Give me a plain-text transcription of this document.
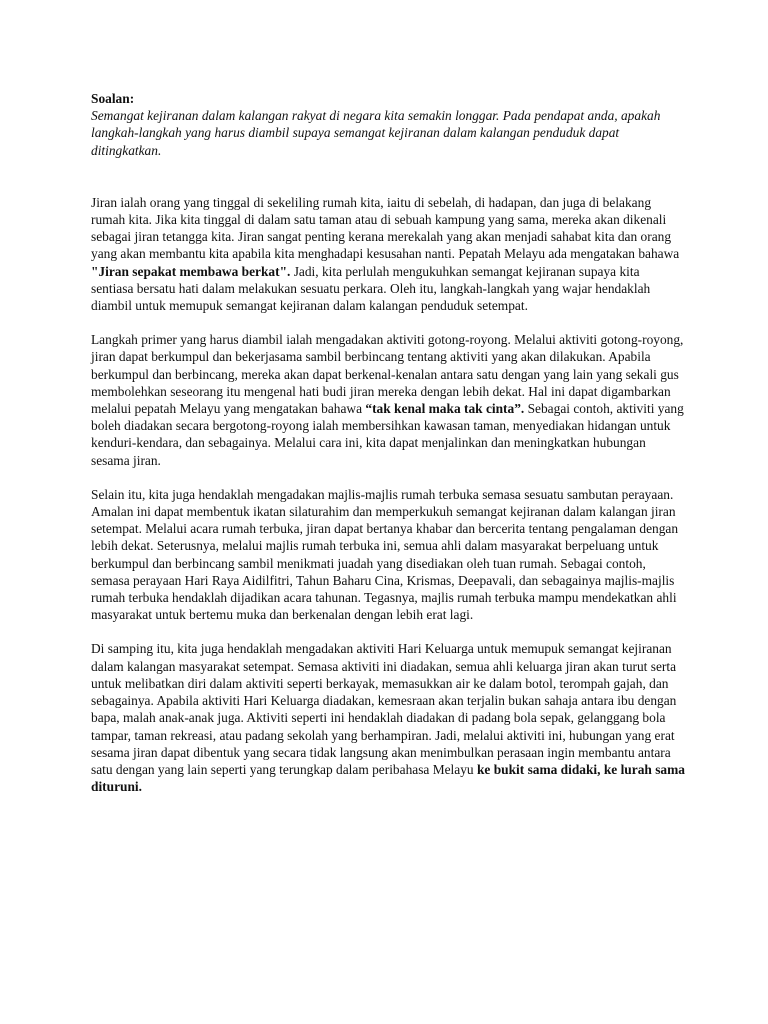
Soalan:

Semangat kejiranan dalam kalangan rakyat di negara kita semakin longgar. Pada pendapat anda, apakah langkah-langkah yang harus diambil supaya semangat kejiranan dalam kalangan penduduk dapat ditingkatkan.

Jiran ialah orang yang tinggal di sekeliling rumah kita, iaitu di sebelah, di hadapan, dan juga di belakang rumah kita. Jika kita tinggal di dalam satu taman atau di sebuah kampung yang sama, mereka akan dikenali sebagai jiran tetangga kita. Jiran sangat penting kerana merekalah yang akan menjadi sahabat kita dan orang yang akan membantu kita apabila kita menghadapi kesusahan nanti. Pepatah Melayu ada mengatakan bahawa "Jiran sepakat membawa berkat". Jadi, kita perlulah mengukuhkan semangat kejiranan supaya kita sentiasa bersatu hati dalam melakukan sesuatu perkara. Oleh itu, langkah-langkah yang wajar hendaklah diambil untuk memupuk semangat kejiranan dalam kalangan penduduk setempat.

Langkah primer yang harus diambil ialah mengadakan aktiviti gotong-royong. Melalui aktiviti gotong-royong, jiran dapat berkumpul dan bekerjasama sambil berbincang tentang aktiviti yang akan dilakukan. Apabila berkumpul dan berbincang, mereka akan dapat berkenal-kenalan antara satu dengan yang lain yang sekali gus membolehkan seseorang itu mengenal hati budi jiran mereka dengan lebih dekat. Hal ini dapat digambarkan melalui pepatah Melayu yang mengatakan bahawa “tak kenal maka tak cinta”. Sebagai contoh, aktiviti yang boleh diadakan secara bergotong-royong ialah membersihkan kawasan taman, menyediakan hidangan untuk kenduri-kendara, dan sebagainya. Melalui cara ini, kita dapat menjalinkan dan meningkatkan hubungan sesama jiran.

Selain itu, kita juga hendaklah mengadakan majlis-majlis rumah terbuka semasa sesuatu sambutan perayaan. Amalan ini dapat membentuk ikatan silaturahim dan memperkukuh semangat kejiranan dalam kalangan jiran setempat. Melalui acara rumah terbuka, jiran dapat bertanya khabar dan bercerita tentang pengalaman dengan lebih dekat. Seterusnya, melalui majlis rumah terbuka ini, semua ahli dalam masyarakat berpeluang untuk berkumpul dan berbincang sambil menikmati juadah yang disediakan oleh tuan rumah. Sebagai contoh, semasa perayaan Hari Raya Aidilfitri, Tahun Baharu Cina, Krismas, Deepavali, dan sebagainya majlis-majlis rumah terbuka hendaklah dijadikan acara tahunan. Tegasnya, majlis rumah terbuka mampu mendekatkan ahli masyarakat untuk bertemu muka dan berkenalan dengan lebih erat lagi.

Di samping itu, kita juga hendaklah mengadakan aktiviti Hari Keluarga untuk memupuk semangat kejiranan dalam kalangan masyarakat setempat. Semasa aktiviti ini diadakan, semua ahli keluarga jiran akan turut serta untuk melibatkan diri dalam aktiviti seperti berkayak, memasukkan air ke dalam botol, terompah gajah, dan sebagainya. Apabila aktiviti Hari Keluarga diadakan, kemesraan akan terjalin bukan sahaja antara ibu dengan bapa, malah anak-anak juga. Aktiviti seperti ini hendaklah diadakan di padang bola sepak, gelanggang bola tampar, taman rekreasi, atau padang sekolah yang berhampiran. Jadi, melalui aktiviti ini, hubungan yang erat sesama jiran dapat dibentuk yang secara tidak langsung akan menimbulkan perasaan ingin membantu antara satu dengan yang lain seperti yang terungkap dalam peribahasa Melayu ke bukit sama didaki, ke lurah sama dituruni.
